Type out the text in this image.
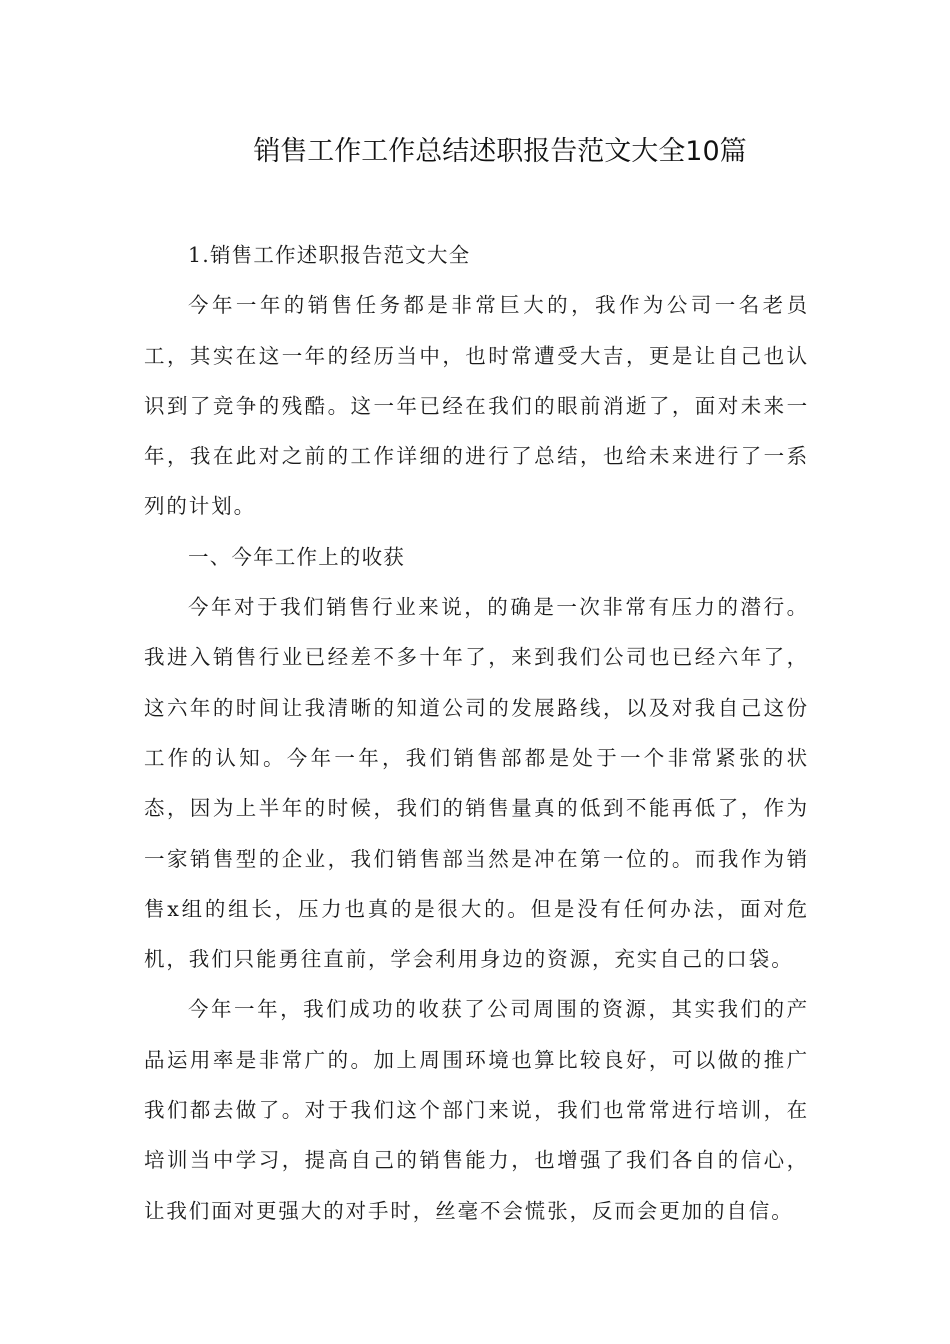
销售工作工作总结述职报告范文大全10篇

1.销售工作述职报告范文大全

今年一年的销售任务都是非常巨大的，我作为公司一名老员工，其实在这一年的经历当中，也时常遭受大吉，更是让自己也认识到了竞争的残酷。这一年已经在我们的眼前消逝了，面对未来一年，我在此对之前的工作详细的进行了总结，也给未来进行了一系列的计划。

一、今年工作上的收获

今年对于我们销售行业来说，的确是一次非常有压力的潜行。我进入销售行业已经差不多十年了，来到我们公司也已经六年了，这六年的时间让我清晰的知道公司的发展路线，以及对我自己这份工作的认知。今年一年，我们销售部都是处于一个非常紧张的状态，因为上半年的时候，我们的销售量真的低到不能再低了，作为一家销售型的企业，我们销售部当然是冲在第一位的。而我作为销售x组的组长，压力也真的是很大的。但是没有任何办法，面对危机，我们只能勇往直前，学会利用身边的资源，充实自己的口袋。

今年一年，我们成功的收获了公司周围的资源，其实我们的产品运用率是非常广的。加上周围环境也算比较良好，可以做的推广我们都去做了。对于我们这个部门来说，我们也常常进行培训，在培训当中学习，提高自己的销售能力，也增强了我们各自的信心，让我们面对更强大的对手时，丝毫不会慌张，反而会更加的自信。
